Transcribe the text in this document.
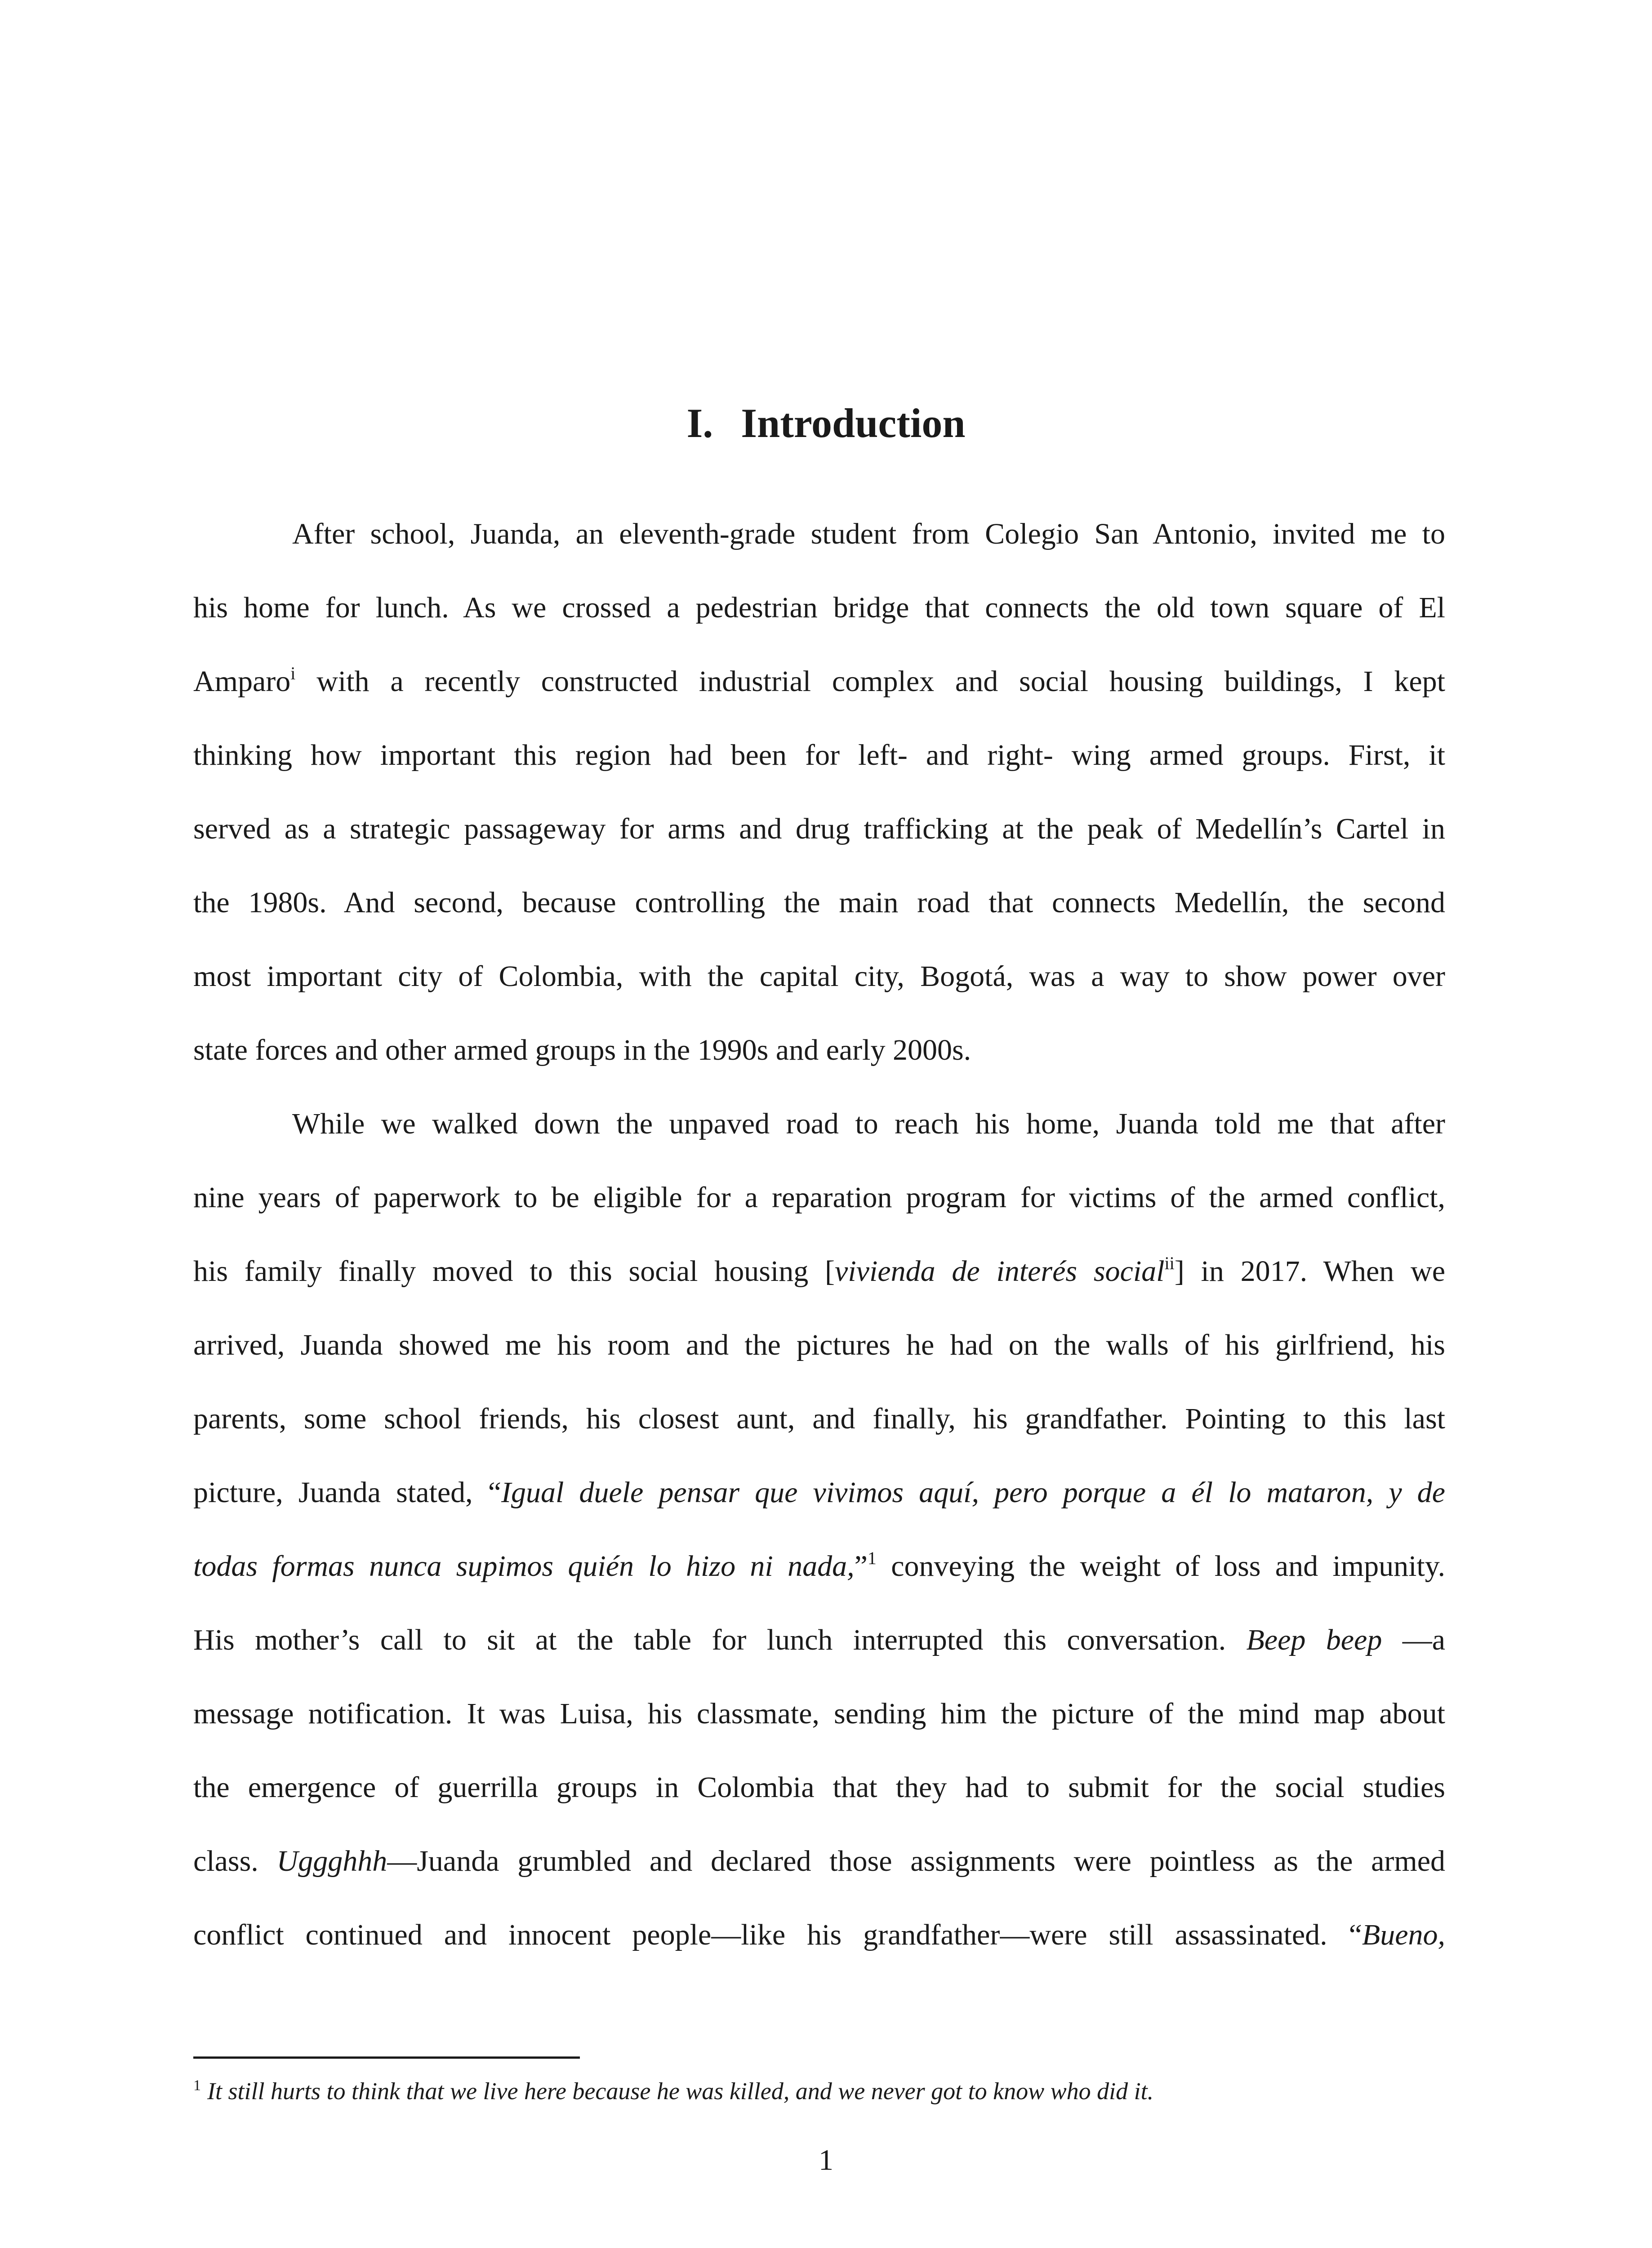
I. Introduction
After school, Juanda, an eleventh-grade student from Colegio San Antonio, invited me to
his home for lunch. As we crossed a pedestrian bridge that connects the old town square of El
Amparo$^i$ with a recently constructed industrial complex and social housing buildings, I kept
thinking how important this region had been for left- and right- wing armed groups. First, it
served as a strategic passageway for arms and drug trafficking at the peak of Medellín’s Cartel in
the 1980s. And second, because controlling the main road that connects Medellín, the second
most important city of Colombia, with the capital city, Bogotá, was a way to show power over
state forces and other armed groups in the 1990s and early 2000s.
While we walked down the unpaved road to reach his home, Juanda told me that after
nine years of paperwork to be eligible for a reparation program for victims of the armed conflict,
his family finally moved to this social housing [vivienda de interés social$^{ii}$] in 2017. When we
arrived, Juanda showed me his room and the pictures he had on the walls of his girlfriend, his
parents, some school friends, his closest aunt, and finally, his grandfather. Pointing to this last
picture, Juanda stated, “Igual duele pensar que vivimos aquí, pero porque a él lo mataron, y de
todas formas nunca supimos quién lo hizo ni nada,”$^1$ conveying the weight of loss and impunity.
His mother’s call to sit at the table for lunch interrupted this conversation. Beep beep —a
message notification. It was Luisa, his classmate, sending him the picture of the mind map about
the emergence of guerrilla groups in Colombia that they had to submit for the social studies
class. Uggghhh—Juanda grumbled and declared those assignments were pointless as the armed
conflict continued and innocent people—like his grandfather—were still assassinated. “Bueno,
$^1$ It still hurts to think that we live here because he was killed, and we never got to know who did it.
1
